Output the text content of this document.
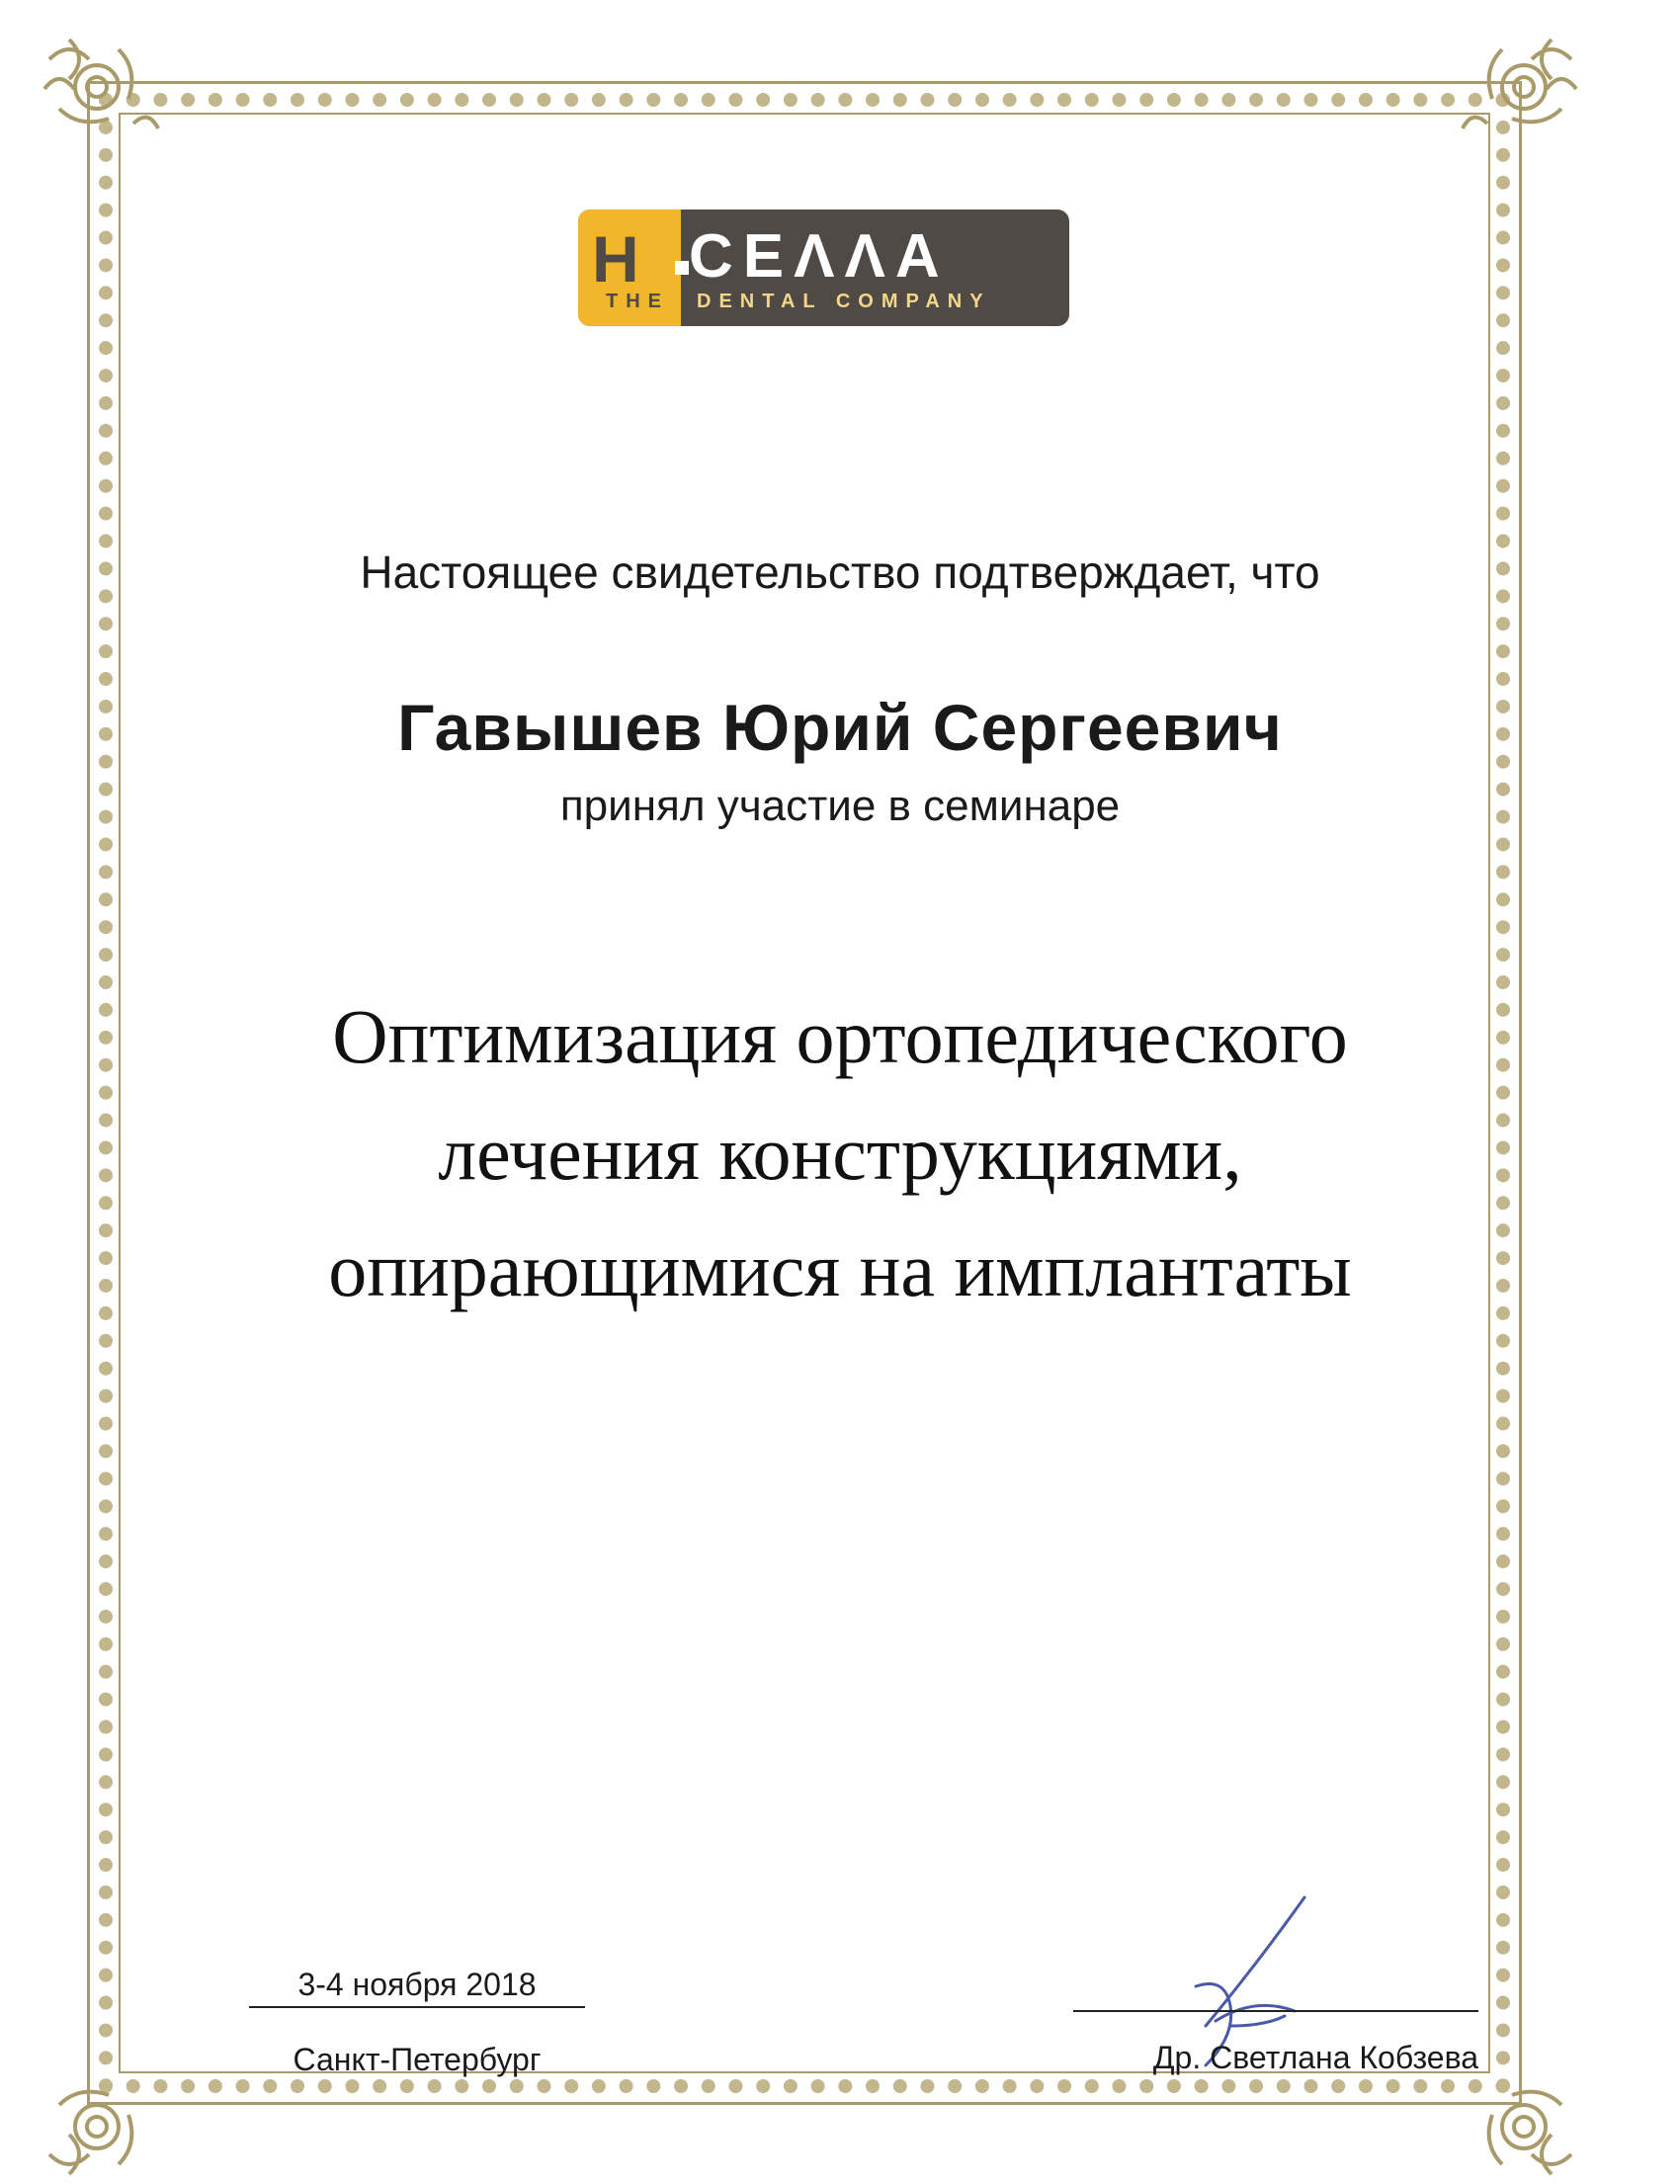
H CEΛΛA
THE DENTAL COMPANY
Настоящее свидетельство подтверждает, что
Гавышев Юрий Сергеевич
принял участие в семинаре
Оптимизация ортопедического
лечения конструкциями,
опирающимися на имплантаты
3-4 ноября 2018
Санкт-Петербург	Др. Светлана Кобзева
